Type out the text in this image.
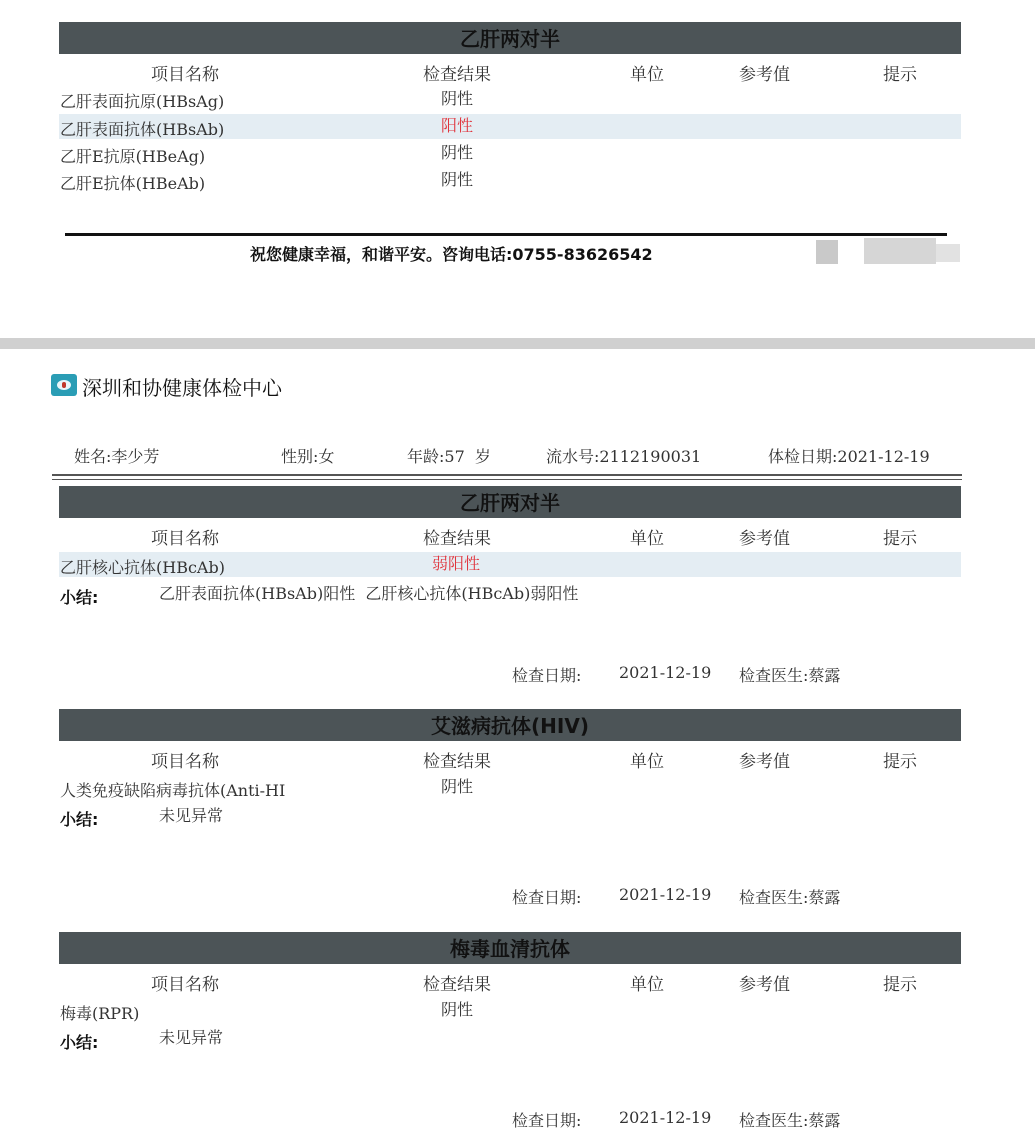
乙肝两对半
项目名称	检查结果	单位	参考值	提示
乙肝表面抗原(HBsAg)	阴性
乙肝表面抗体(HBsAb)	阳性
乙肝E抗原(HBeAg)	阴性
乙肝E抗体(HBeAb)	阴性
祝您健康幸福，和谐平安。咨询电话:0755-83626542
深圳和协健康体检中心
姓名:李少芳	性别:女	年龄:57  岁	流水号:2112190031	体检日期:2021-12-19
乙肝两对半
项目名称	检查结果	单位	参考值	提示
乙肝核心抗体(HBcAb)	弱阳性
小结:	乙肝表面抗体(HBsAb)阳性  乙肝核心抗体(HBcAb)弱阳性
检查日期: 2021-12-19 检查医生:蔡露
艾滋病抗体(HIV)
项目名称	检查结果	单位	参考值	提示
人类免疫缺陷病毒抗体(Anti-HI	阴性
小结:	未见异常
检查日期: 2021-12-19 检查医生:蔡露
梅毒血清抗体
项目名称	检查结果	单位	参考值	提示
梅毒(RPR)	阴性
小结:	未见异常
检查日期: 2021-12-19 检查医生:蔡露
